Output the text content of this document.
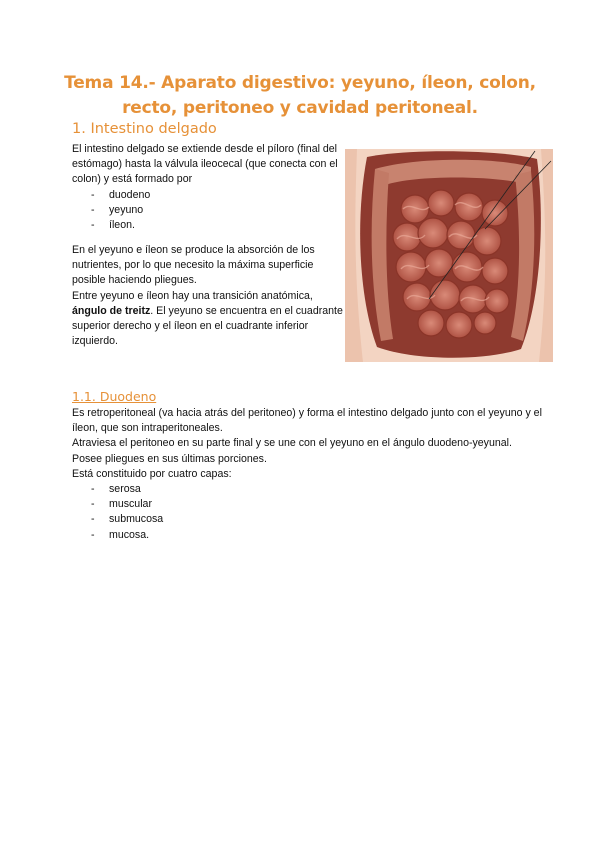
Tema 14.- Aparato digestivo: yeyuno, íleon, colon, recto, peritoneo y cavidad peritoneal.
1. Intestino delgado

El intestino delgado se extiende desde el píloro (final del estómago) hasta la válvula ileocecal (que conecta con el colon) y está formado por

- duodeno
- yeyuno
- íleon.

En el yeyuno e íleon se produce la absorción de los nutrientes, por lo que necesito la máxima superficie posible haciendo pliegues.

Entre yeyuno e íleon hay una transición anatómica, ángulo de treitz. El yeyuno se encuentra en el cuadrante superior derecho y el íleon en el cuadrante inferior izquierdo.

1.1. Duodeno

Es retroperitoneal (va hacia atrás del peritoneo) y forma el intestino delgado junto con el yeyuno y el íleon, que son intraperitoneales.

Atraviesa el peritoneo en su parte final y se une con el yeyuno en el ángulo duodeno-yeyunal.

Posee pliegues en sus últimas porciones.

Está constituido por cuatro capas:

- serosa
- muscular
- submucosa
- mucosa.
